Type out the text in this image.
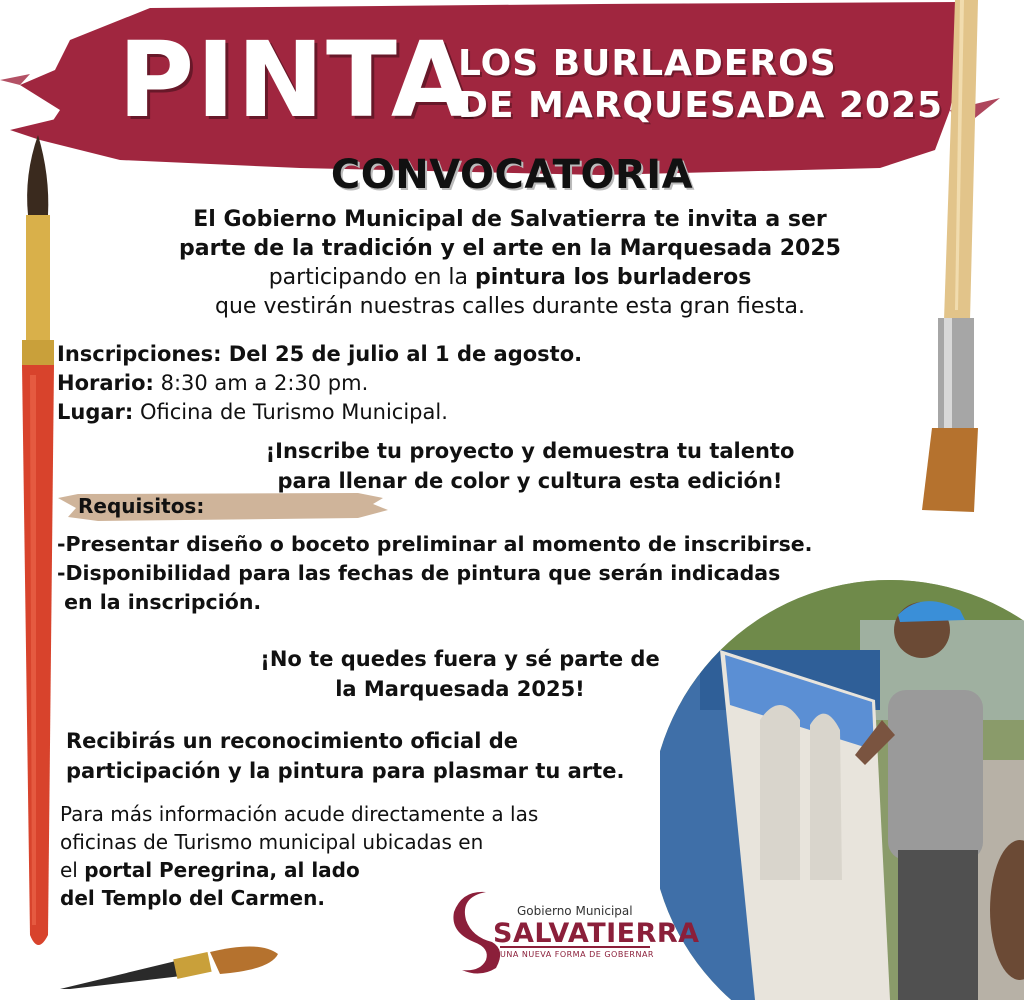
PINTA
LOS BURLADEROS
DE MARQUESADA 2025
CONVOCATORIA
El Gobierno Municipal de Salvatierra te invita a ser
parte de la tradición y el arte en la Marquesada 2025
participando en la pintura los burladeros
que vestirán nuestras calles durante esta gran fiesta.
Inscripciones: Del 25 de julio al 1 de agosto.
Horario: 8:30 am a 2:30 pm.
Lugar: Oficina de Turismo Municipal.
¡Inscribe tu proyecto y demuestra tu talento
para llenar de color y cultura esta edición!
Requisitos:
-Presentar diseño o boceto preliminar al momento de inscribirse.
-Disponibilidad para las fechas de pintura que serán indicadas
en la inscripción.
¡No te quedes fuera y sé parte de
la Marquesada 2025!
Recibirás un reconocimiento oficial de
participación y la pintura para plasmar tu arte.
Para más información acude directamente a las
oficinas de Turismo municipal ubicadas en
el portal Peregrina, al lado
del Templo del Carmen.
Gobierno Municipal
SALVATIERRA
UNA NUEVA FORMA DE GOBERNAR
